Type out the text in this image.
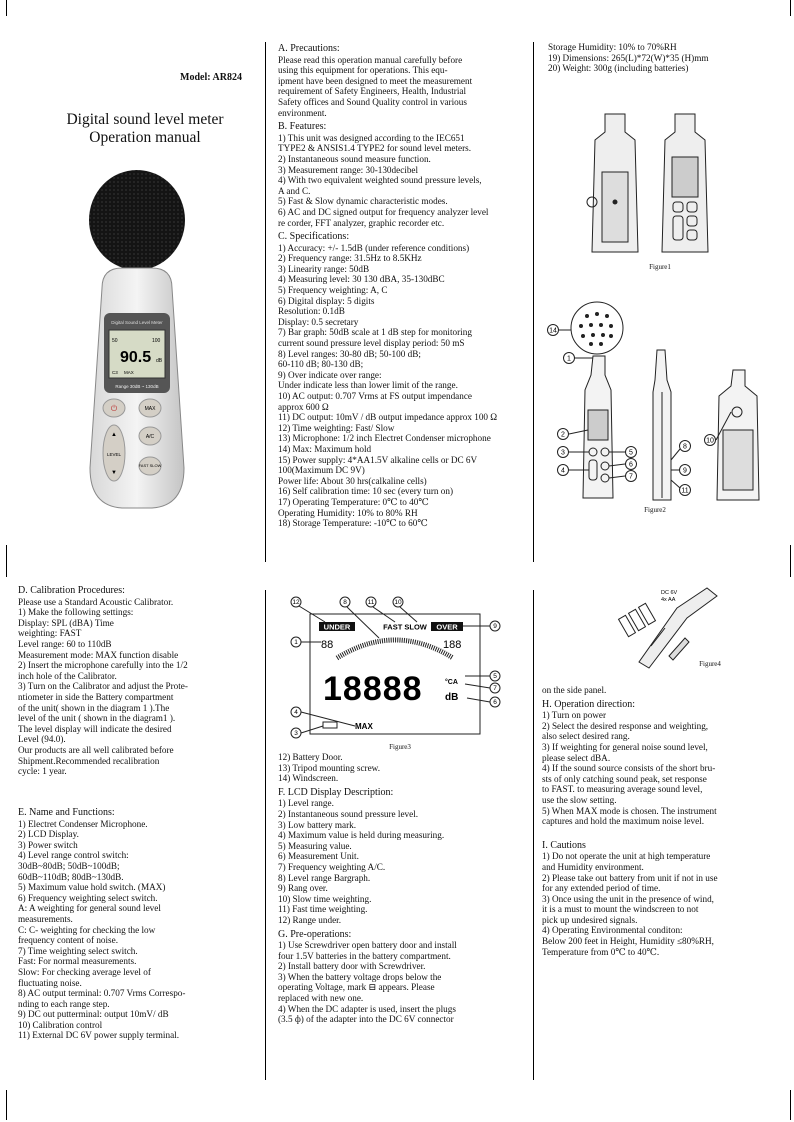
Model: AR824
Digital sound level meter
Operation manual
Digital Sound Level Meter
50	100
90.5 dB
C3 MAX
Range 30dB ~ 130dB
⏻	MAX
▲
LEVEL
▼
A/C
FAST SLOW
A. Precautions:
Please read this operation manual carefully before
using this equipment for operations. This equ-
ipment have been designed to meet the measurement
requirement of Safety Engineers, Health, Industrial
Safety offices and Sound Quality control in various
environment.
B. Features:
1) This unit was designed according to the IEC651
TYPE2 & ANSIS1.4 TYPE2 for sound level meters.
2) Instantaneous sound measure function.
3) Measurement range: 30-130decibel
4) With two equivalent weighted sound pressure levels,
A and C.
5) Fast & Slow dynamic characteristic modes.
6) AC and DC signed output for frequency analyzer level
re corder, FFT analyzer, graphic recorder etc.
C. Specifications:
1) Accuracy: +/- 1.5dB (under reference conditions)
2) Frequency range: 31.5Hz to 8.5KHz
3) Linearity range: 50dB
4) Measuring level: 30 130 dBA, 35-130dBC
5) Frequency weighting: A, C
6) Digital display: 5 digits
Resolution: 0.1dB
Display: 0.5 secretary
7) Bar graph: 50dB scale at 1 dB step for monitoring
current sound pressure level display period: 50 mS
8) Level ranges: 30-80 dB; 50-100 dB;
60-110 dB; 80-130 dB;
9) Over indicate over range:
Under indicate less than lower limit of the range.
10) AC output: 0.707 Vrms at FS output impendance
approx 600 Ω
11) DC output: 10mV / dB output impedance approx 100 Ω
12) Time weighting: Fast/ Slow
13) Microphone: 1/2 inch Electret Condenser microphone
14) Max: Maximum hold
15) Power supply: 4*AA1.5V alkaline cells or DC 6V
100(Maximum DC 9V)
Power life: About 30 hrs(calkaline cells)
16) Self calibration time: 10 sec (every turn on)
17) Operating Temperature: 0℃ to 40℃
Operating Humidity: 10% to 80% RH
18) Storage Temperature: -10℃ to 60℃
Storage Humidity: 10% to 70%RH
19) Dimensions: 265(L)*72(W)*35 (H)mm
20) Weight: 300g (including batteries)
D. Calibration Procedures:
Please use a Standard Acoustic Calibrator.
1) Make the following settings:
Display: SPL (dBA) Time
weighting: FAST
Level range: 60 to 110dB
Measurement mode: MAX function disable
2) Insert the microphone carefully into the 1/2
inch hole of the Calibrator.
3) Turn on the Calibrator and adjust the Prote-
ntiometer in side the Battery compartment
of the unit( shown in the diagram 1 ).The
level of the unit ( shown in the diagram1 ).
The level display will indicate the desired
Level (94.0).
Our products are all well calibrated before
Shipment.Recommended recalibration
cycle: 1 year.
E. Name and Functions:
1) Electret Condenser Microphone.
2) LCD Display.
3) Power switch
4) Level range control switch:
30dB~80dB; 50dB~100dB;
60dB~110dB; 80dB~130dB.
5) Maximum value hold switch. (MAX)
6) Frequency weighting select switch.
A: A weighting for general sound level
measurements.
C: C- weighting for checking the low
frequency content of noise.
7) Time weighting select switch.
Fast: For normal measurements.
Slow: For checking average level of
fluctuating noise.
8) AC output terminal: 0.707 Vrms Correspo-
nding to each range step.
9) DC out putterminal: output 10mV/ dB
10) Calibration control
11) External DC 6V power supply terminal.
12) Battery Door.
13) Tripod mounting screw.
14) Windscreen.
F. LCD Display Description:
1) Level range.
2) Instantaneous sound pressure level.
3) Low battery mark.
4) Maximum value is held during measuring.
5) Measuring value.
6) Measurement Unit.
7) Frequency weighting A/C.
8) Level range Bargraph.
9) Rang over.
10) Slow time weighting.
11) Fast time weighting.
12) Range under.
G. Pre-operations:
1) Use Screwdriver open battery door and install
four 1.5V batteries in the battery compartment.
2) Install battery door with Screwdriver.
3) When the battery voltage drops below the
operating Voltage, mark ⊟ appears. Please
replaced with new one.
4) When the DC adapter is used, insert the plugs
(3.5 ф) of the adapter into the DC 6V connector
on the side panel.
H. Operation direction:
1) Turn on power
2) Select the desired response and weighting,
also select desired rang.
3) If weighting for general noise sound level,
please select dBA.
4) If the sound source consists of the short bru-
sts of only catching sound peak, set response
to FAST. to measuring average sound level,
use the slow setting.
5) When MAX mode is chosen. The instrument
captures and hold the maximum noise level.
I. Cautions
1) Do not operate the unit at high temperature
and Humidity environment.
2) Please take out battery from unit if not in use
for any extended period of time.
3) Once using the unit in the presence of wind,
it is a must to mount the windscreen to not
pick up undesired signals.
4) Operating Environmental conditon:
Below 200 feet in Height, Humidity ≤80%RH,
Temperature from 0℃ to 40℃.
Figure1
14
1
2
3
4
5
6
7
8
9
11
10
Figure2
UNDER	FAST SLOW OVER
88	188
18888	°CA
dB
MAX
12	8	11	10
9
1
5
7
6
4
3
Figure3
DC 6V
4x AA
Figure4
